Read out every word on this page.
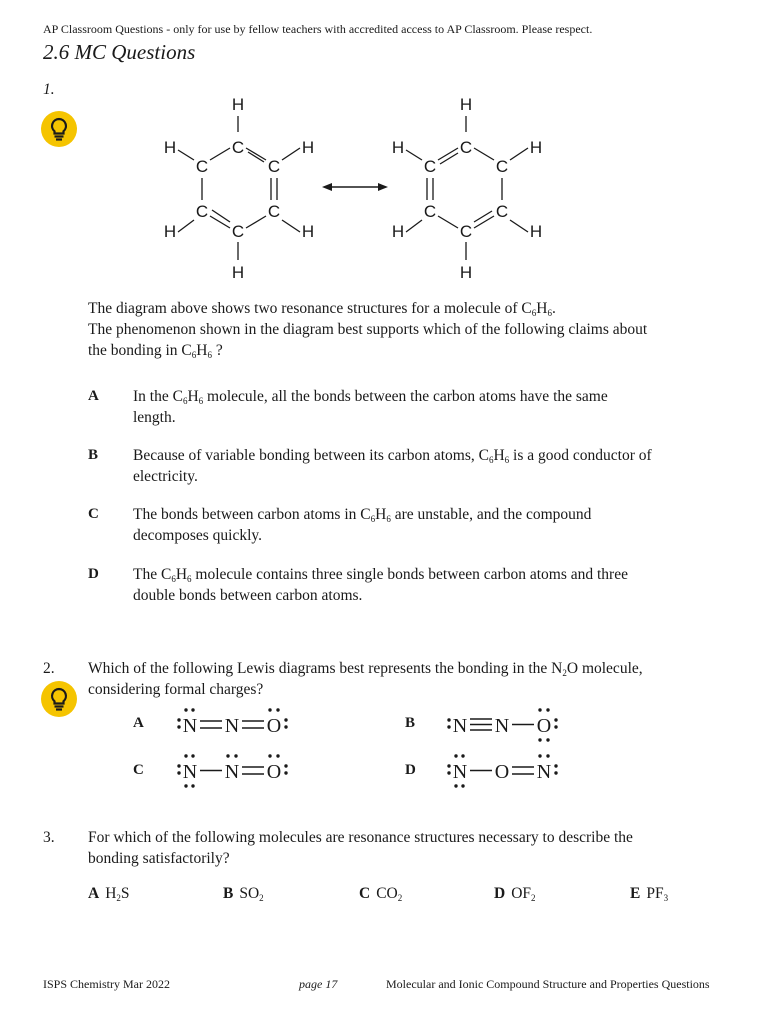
AP Classroom Questions - only for use by fellow teachers with accredited access to AP Classroom. Please respect.
2.6 MC Questions
1.
H
C
C	C
C	C
C
H	H
H	H
H
H
C
C	C
C	C
C
H	H
H	H
H
The diagram above shows two resonance structures for a molecule of $C_6H_6$.
The phenomenon shown in the diagram best supports which of the following claims about
the bonding in $C_6H_6$ ?
A In the $C_6H_6$ molecule, all the bonds between the carbon atoms have the same
length.
B Because of variable bonding between its carbon atoms, $C_6H_6$ is a good conductor of
electricity.
C The bonds between carbon atoms in $C_6H_6$ are unstable, and the compound
decomposes quickly.
D The $C_6H_6$ molecule contains three single bonds between carbon atoms and three
double bonds between carbon atoms.
2. Which of the following Lewis diagrams best represents the bonding in the $N_2O$ molecule,
considering formal charges?
A N N O	B N N O
C N N O	D N O N
3. For which of the following molecules are resonance structures necessary to describe the
bonding satisfactorily?
A $H_2S$	B $SO_2$	C $CO_2$	D $OF_2$	E $PF_3$
ISPS Chemistry Mar 2022	page 17	Molecular and Ionic Compound Structure and Properties Questions
